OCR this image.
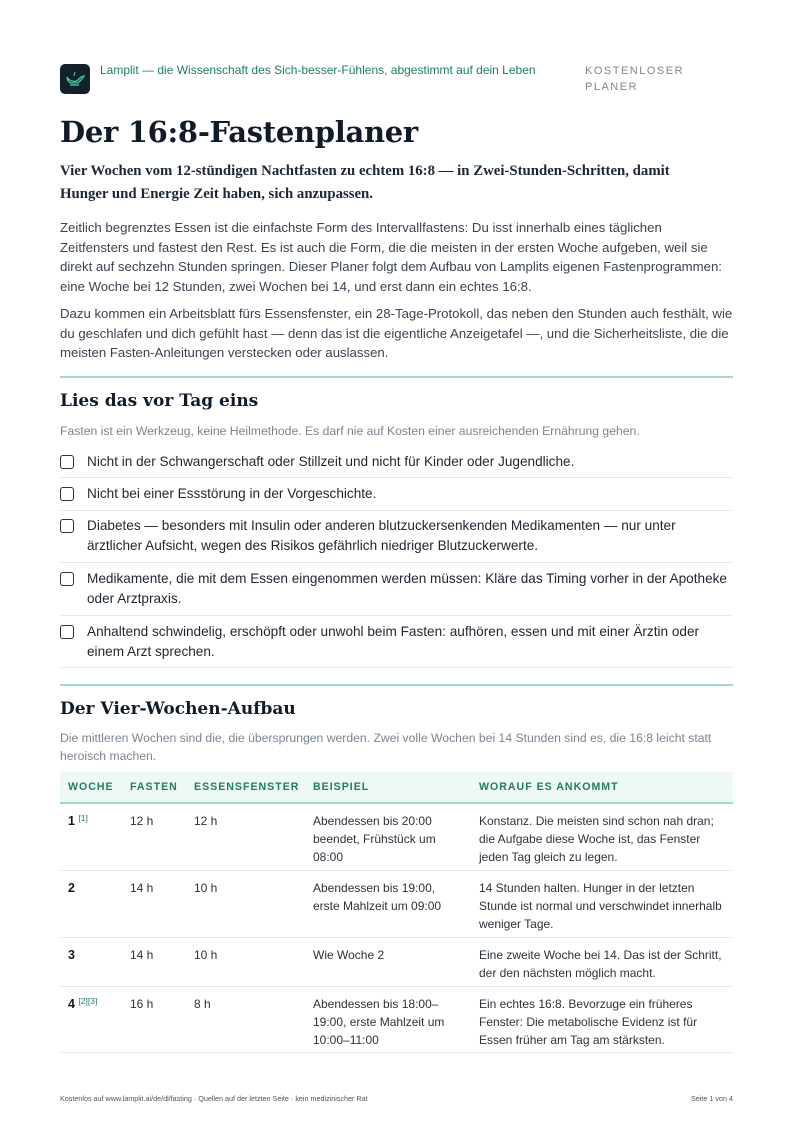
Lamplit — die Wissenschaft des Sich-besser-Fühlens, abgestimmt auf dein Leben	KOSTENLOSER
PLANER
Der 16:8-Fastenplaner

Vier Wochen vom 12-stündigen Nachtfasten zu echtem 16:8 — in Zwei-Stunden-Schritten, damit Hunger und Energie Zeit haben, sich anzupassen.

Zeitlich begrenztes Essen ist die einfachste Form des Intervallfastens: Du isst innerhalb eines täglichen Zeitfensters und fastest den Rest. Es ist auch die Form, die die meisten in der ersten Woche aufgeben, weil sie direkt auf sechzehn Stunden springen. Dieser Planer folgt dem Aufbau von Lamplits eigenen Fastenprogrammen: eine Woche bei 12 Stunden, zwei Wochen bei 14, und erst dann ein echtes 16:8.

Dazu kommen ein Arbeitsblatt fürs Essensfenster, ein 28-Tage-Protokoll, das neben den Stunden auch festhält, wie du geschlafen und dich gefühlt hast — denn das ist die eigentliche Anzeigetafel —, und die Sicherheitsliste, die die meisten Fasten-Anleitungen verstecken oder auslassen.

Lies das vor Tag eins

Fasten ist ein Werkzeug, keine Heilmethode. Es darf nie auf Kosten einer ausreichenden Ernährung gehen.

Nicht in der Schwangerschaft oder Stillzeit und nicht für Kinder oder Jugendliche.
Nicht bei einer Essstörung in der Vorgeschichte.
Diabetes — besonders mit Insulin oder anderen blutzuckersenkenden Medikamenten — nur unter ärztlicher Aufsicht, wegen des Risikos gefährlich niedriger Blutzuckerwerte.
Medikamente, die mit dem Essen eingenommen werden müssen: Kläre das Timing vorher in der Apotheke oder Arztpraxis.
Anhaltend schwindelig, erschöpft oder unwohl beim Fasten: aufhören, essen und mit einer Ärztin oder einem Arzt sprechen.
Der Vier-Wochen-Aufbau

Die mittleren Wochen sind die, die übersprungen werden. Zwei volle Wochen bei 14 Stunden sind es, die 16:8 leicht statt heroisch machen.

WOCHE	FASTEN	ESSENSFENSTER	BEISPIEL	WORAUF ES ANKOMMT
1 [1]	12 h	12 h	Abendessen bis 20:00 beendet, Frühstück um 08:00	Konstanz. Die meisten sind schon nah dran; die Aufgabe diese Woche ist, das Fenster jeden Tag gleich zu legen.
2	14 h	10 h	Abendessen bis 19:00, erste Mahlzeit um 09:00	14 Stunden halten. Hunger in der letzten Stunde ist normal und verschwindet innerhalb weniger Tage.
3	14 h	10 h	Wie Woche 2	Eine zweite Woche bei 14. Das ist der Schritt, der den nächsten möglich macht.
4 [2][3]	16 h	8 h	Abendessen bis 18:00–19:00, erste Mahlzeit um 10:00–11:00	Ein echtes 16:8. Bevorzuge ein früheres Fenster: Die metabolische Evidenz ist für Essen früher am Tag am stärksten.
Kostenlos auf www.lamplit.ai/de/dl/fasting · Quellen auf der letzten Seite · kein medizinischer Rat	Seite 1 von 4
